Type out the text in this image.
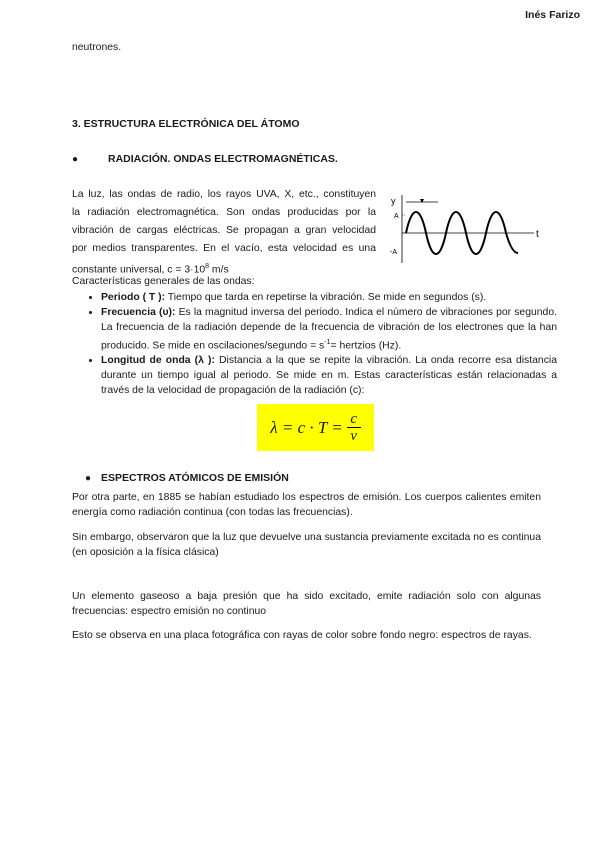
Inés Farizo
neutrones.
3. ESTRUCTURA ELECTRÓNICA DEL ÁTOMO
●	RADIACIÓN. ONDAS ELECTROMAGNÉTICAS.
La luz, las ondas de radio, los rayos UVA, X, etc., constituyen
la radiación electromagnética. Son ondas producidas por la
vibración de cargas eléctricas. Se propagan a gran velocidad
por medios transparentes. En el vacío, esta velocidad es una
constante universal, $c = 3\cdot 10^8$ m/s
y
t
A
-A
Características generales de las ondas:
• Periodo ( T ): Tiempo que tarda en repetirse la vibración. Se mide en segundos (s).
• Frecuencia (υ): Es la magnitud inversa del periodo. Indica el número de vibraciones por segundo. La frecuencia de la radiación depende de la frecuencia de vibración de los electrones que la han producido. Se mide en oscilaciones/segundo = $s^{-1}=$ hertzios (Hz).
• Longitud de onda (λ ): Distancia a la que se repite la vibración. La onda recorre esa distancia durante un tiempo igual al periodo. Se mide en m. Estas características están relacionadas a través de la velocidad de propagación de la radiación (c):
$\lambda = c \cdot T = \frac{c}{\nu}$
● ESPECTROS ATÓMICOS DE EMISIÓN
Por otra parte, en 1885 se habían estudiado los espectros de emisión. Los cuerpos calientes emiten energía como radiación continua (con todas las frecuencias).
Sin embargo, observaron que la luz que devuelve una sustancia previamente excitada no es continua (en oposición a la física clásica)
Un elemento gaseoso a baja presión que ha sido excitado, emite radiación solo con algunas frecuencias: espectro emisión no continuo
Esto se observa en una placa fotográfica con rayas de color sobre fondo negro: espectros de rayas.
